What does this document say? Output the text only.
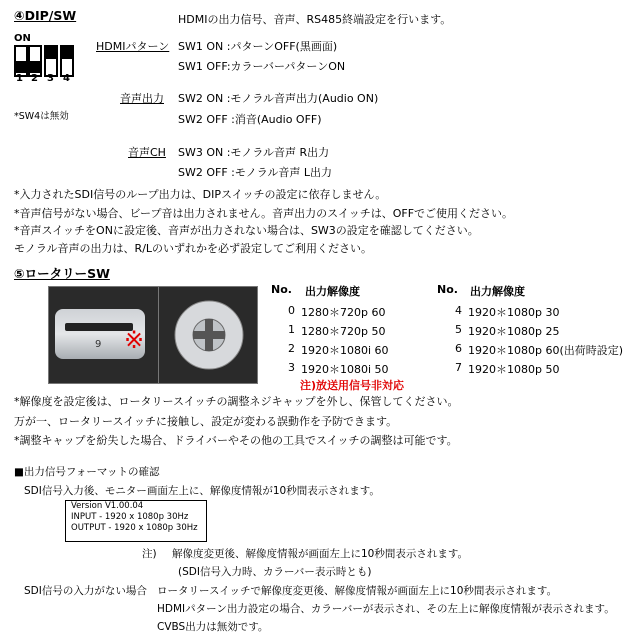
④DIP/SW	HDMIの出力信号、音声、RS485終端設定を行います。
ON
1 2 3 4
*SW4は無効
HDMIパターン SW1 ON :パターンOFF(黒画面)
SW1 OFF:カラーバーパターンON
音声出力 SW2 ON :モノラル音声出力(Audio ON)
SW2 OFF :消音(Audio OFF)
音声CH SW3 ON :モノラル音声 R出力
SW2 OFF :モノラル音声 L出力
*入力されたSDI信号のループ出力は、DIPスイッチの設定に依存しません。
*音声信号がない場合、ビープ音は出力されません。音声出力のスイッチは、OFFでご使用ください。
*音声スイッチをONに設定後、音声が出力されない場合は、SW3の設定を確認してください。
モノラル音声の出力は、R/Lのいずれかを必ず設定してご利用ください。
⑤ロータリーSW
9 ※
No. 出力解像度	No. 出力解像度
0 1280＊720p 60
1 1280＊720p 50
2 1920＊1080i 60
3 1920＊1080i 50
4 1920＊1080p 30
5 1920＊1080p 25
6 1920＊1080p 60(出荷時設定)
7 1920＊1080p 50
注)放送用信号非対応
*解像度を設定後は、ロータリースイッチの調整ネジキャップを外し、保管してください。
万が一、ロータリースイッチに接触し、設定が変わる誤動作を予防できます。
*調整キャップを紛失した場合、ドライバーやその他の工具でスイッチの調整は可能です。
■出力信号フォーマットの確認
SDI信号入力後、モニター画面左上に、解像度情報が10秒間表示されます。
Version V1.00.04
INPUT - 1920 x 1080p 30Hz
OUTPUT - 1920 x 1080p 30Hz
注) 解像度変更後、解像度情報が画面左上に10秒間表示されます。
(SDI信号入力時、カラーバー表示時とも)
SDI信号の入力がない場合 ロータリースイッチで解像度変更後、解像度情報が画面左上に10秒間表示されます。
HDMIパターン出力設定の場合、カラーバーが表示され、その左上に解像度情報が表示されます。
CVBS出力は無効です。
